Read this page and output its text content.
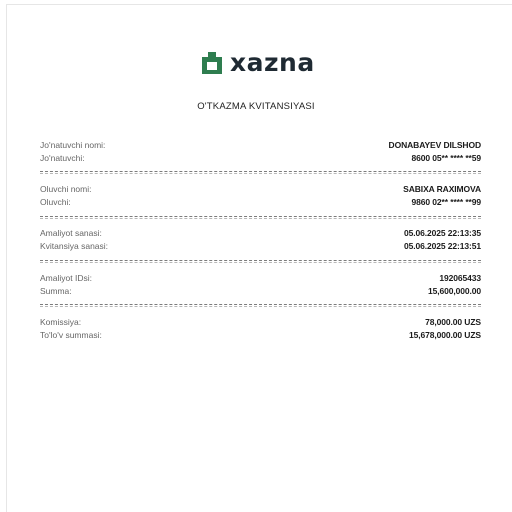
xazna
O'TKAZMA KVITANSIYASI
Jo'natuvchi nomi:	DONABAYEV DILSHOD
Jo'natuvchi:	8600 05** **** **59
Oluvchi nomi:	SABIXA RAXIMOVA
Oluvchi:	9860 02** **** **99
Amaliyot sanasi:	05.06.2025 22:13:35
Kvitansiya sanasi:	05.06.2025 22:13:51
Amaliyot IDsi:	192065433
Summa:	15,600,000.00
Komissiya:	78,000.00 UZS
To'lo'v summasi:	15,678,000.00 UZS
